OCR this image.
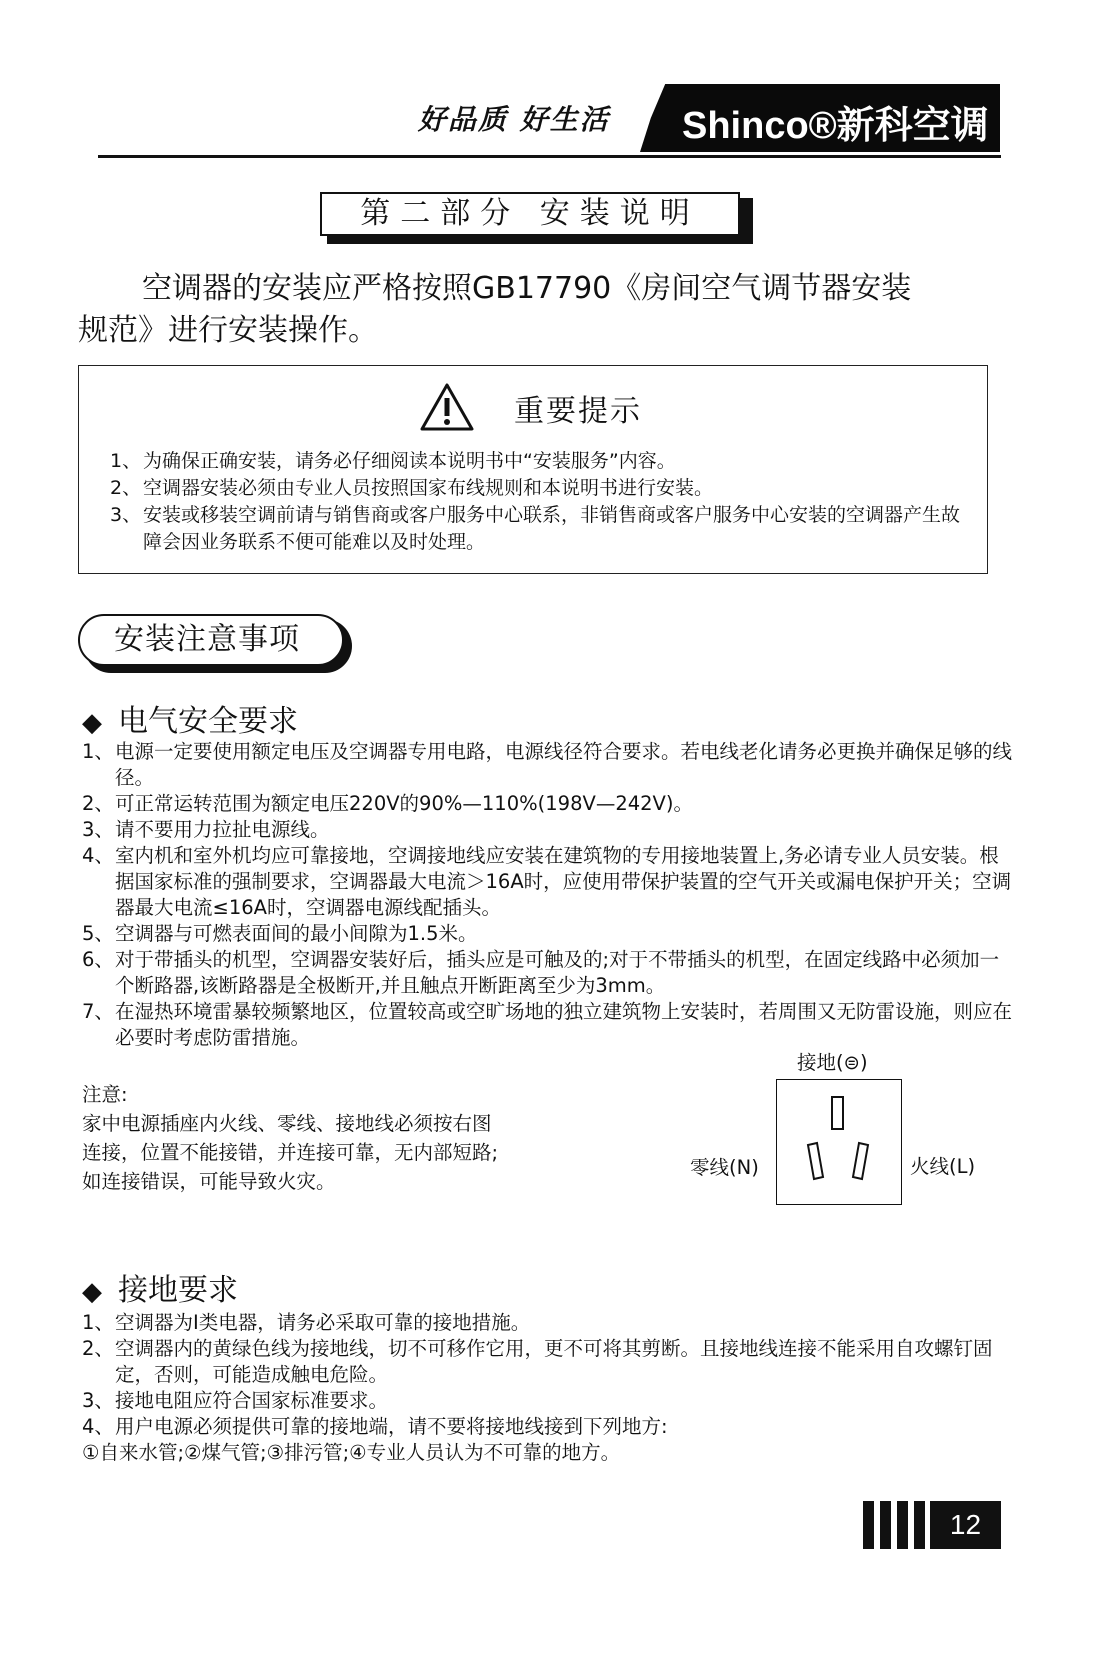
好品质 好生活 Shinco®新科空调
第二部分 安装说明
空调器的安装应严格按照GB17790《房间空气调节器安装
规范》进行安装操作。
重要提示
1、 为确保正确安装，请务必仔细阅读本说明书中“安装服务”内容。
2、 空调器安装必须由专业人员按照国家布线规则和本说明书进行安装。
3、 安装或移装空调前请与销售商或客户服务中心联系，非销售商或客户服务中心安装的空调器产生故障会因业务联系不便可能难以及时处理。
安装注意事项
◆ 电气安全要求
1、 电源一定要使用额定电压及空调器专用电路，电源线径符合要求。若电线老化请务必更换并确保足够的线径。
2、 可正常运转范围为额定电压220V的90%—110%(198V—242V)。
3、 请不要用力拉扯电源线。
4、 室内机和室外机均应可靠接地，空调接地线应安装在建筑物的专用接地装置上,务必请专业人员安装。根据国家标准的强制要求，空调器最大电流＞16A时，应使用带保护装置的空气开关或漏电保护开关；空调器最大电流≤16A时，空调器电源线配插头。
5、 空调器与可燃表面间的最小间隙为1.5米。
6、 对于带插头的机型，空调器安装好后，插头应是可触及的;对于不带插头的机型，在固定线路中必须加一个断路器,该断路器是全极断开,并且触点开断距离至少为3mm。
7、 在湿热环境雷暴较频繁地区，位置较高或空旷场地的独立建筑物上安装时，若周围又无防雷设施，则应在必要时考虑防雷措施。
注意:
家中电源插座内火线、零线、接地线必须按右图
连接，位置不能接错，并连接可靠，无内部短路;
如连接错误，可能导致火灾。
接地(⊜)
零线(N)	火线(L)
◆ 接地要求
1、 空调器为Ⅰ类电器，请务必采取可靠的接地措施。
2、 空调器内的黄绿色线为接地线，切不可移作它用，更不可将其剪断。且接地线连接不能采用自攻螺钉固定，否则，可能造成触电危险。
3、 接地电阻应符合国家标准要求。
4、 用户电源必须提供可靠的接地端，请不要将接地线接到下列地方:
①自来水管;②煤气管;③排污管;④专业人员认为不可靠的地方。
12
